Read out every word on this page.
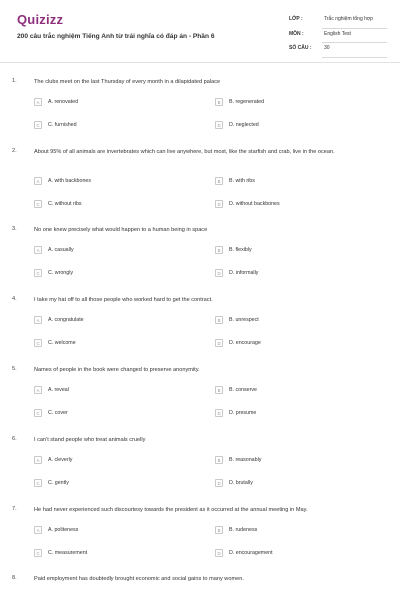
Quizizz
200 câu trắc nghiệm Tiếng Anh từ trái nghĩa có đáp án - Phần 6
LỚP :	Trắc nghiệm tổng hợp
MÔN :	English Test
SỐ CÂU :	30
1.	The clubs meet on the last Thursday of every month in a dilapidated palace
A	A. renovated	B	B. regenerated
C	C. furnished	D	D. neglected
2.	About 95% of all animals are invertebrates which can live anywhere, but most, like the starfish and crab, live in the ocean.
A	A. with backbones	B	B. with ribs
C	C. without ribs	D	D. without backbones
3.	No one knew precisely what would happen to a human being in space
A	A. casually	B	B. flexibly
C	C. wrongly	D	D. informally
4.	I take my hat off to all those people who worked hard to get the contract.
A	A. congratulate	B	B. unrespect
C	C. welcome	D	D. encourage
5.	Names of people in the book were changed to preserve anonymity.
A	A. reveal	B	B. conserve
C	C. cover	D	D. presume
6.	I can't stand people who treat animals cruelly
A	A. cleverly	B	B. reasonably
C	C. gently	D	D. brutally
7.	He had never experienced such discourtesy towards the president as it occurred at the annual meeting in May.
A	A. politeness	B	B. rudeness
C	C. measurement	D	D. encouragement
8.	Paid employment has doubtedly brought economic and social gains to many women.
